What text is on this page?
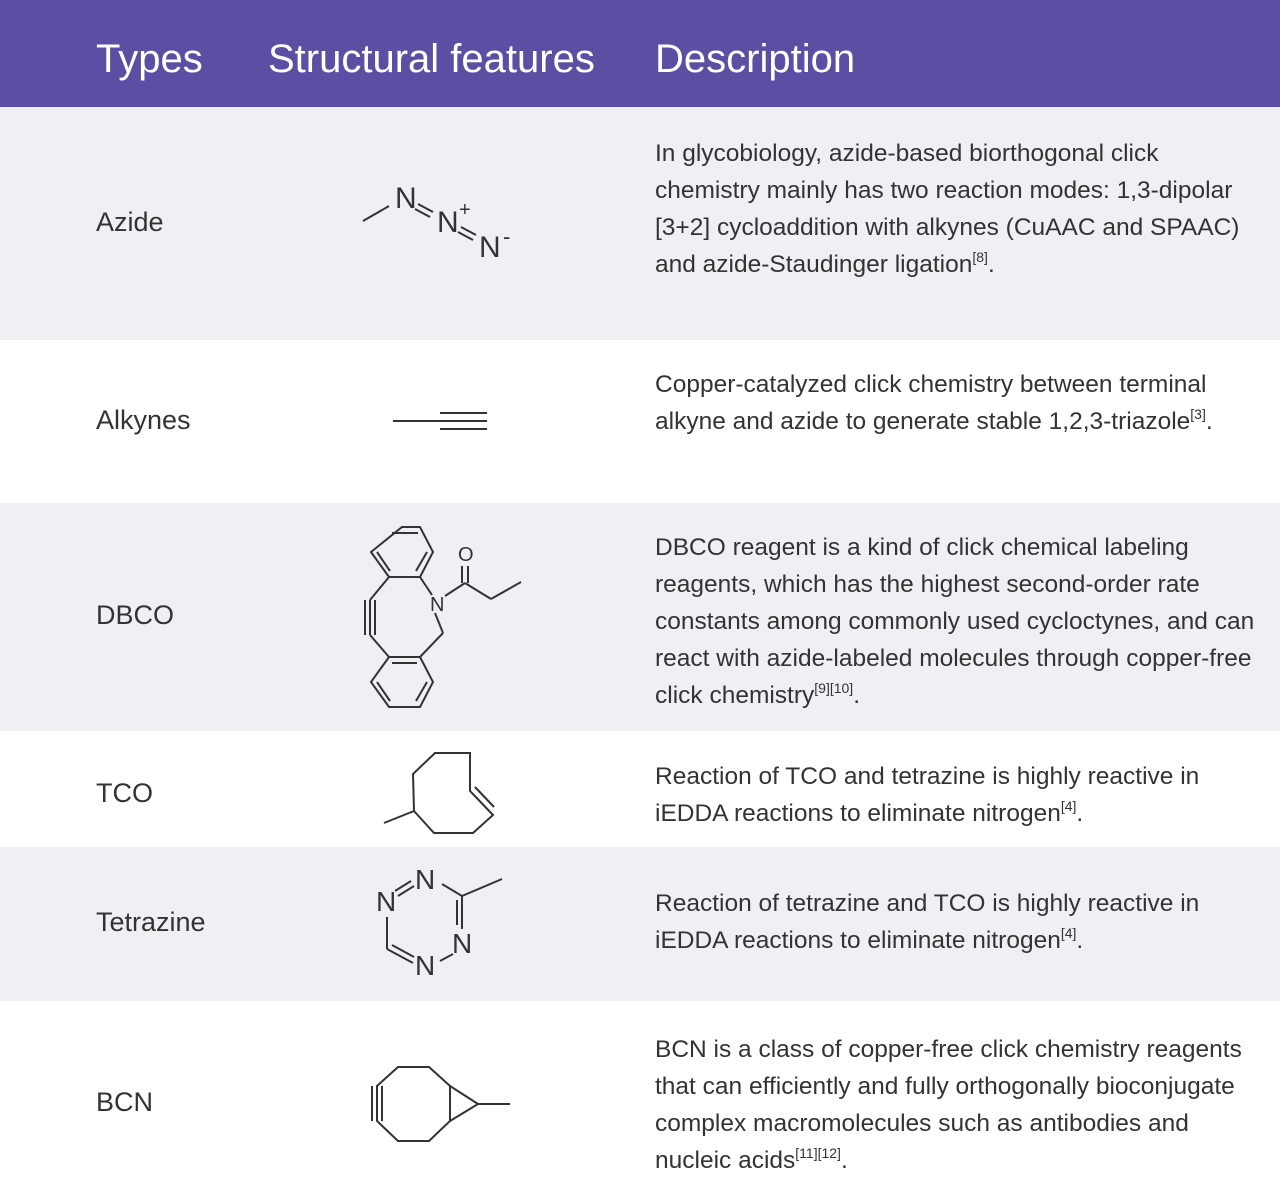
Types Structural features Description
Azide
N
N +
N -
In glycobiology, azide-based biorthogonal click chemistry mainly has two reaction modes: 1,3-dipolar [3+2] cycloaddition with alkynes (CuAAC and SPAAC) and azide-Staudinger ligation[8].
Alkynes
Copper-catalyzed click chemistry between terminal alkyne and azide to generate stable 1,2,3-triazole[3].
DBCO	N
O	DBCO reagent is a kind of click chemical labeling reagents, which has the highest second-order rate constants among commonly used cycloctynes, and can react with azide-labeled molecules through copper-free click chemistry[9][10].
TCO
Reaction of TCO and tetrazine is highly reactive in iEDDA reactions to eliminate nitrogen[4].
Tetrazine
N
N
N
N
Reaction of tetrazine and TCO is highly reactive in iEDDA reactions to eliminate nitrogen[4].
BCN
BCN is a class of copper-free click chemistry reagents that can efficiently and fully orthogonally bioconjugate complex macromolecules such as antibodies and nucleic acids[11][12].
